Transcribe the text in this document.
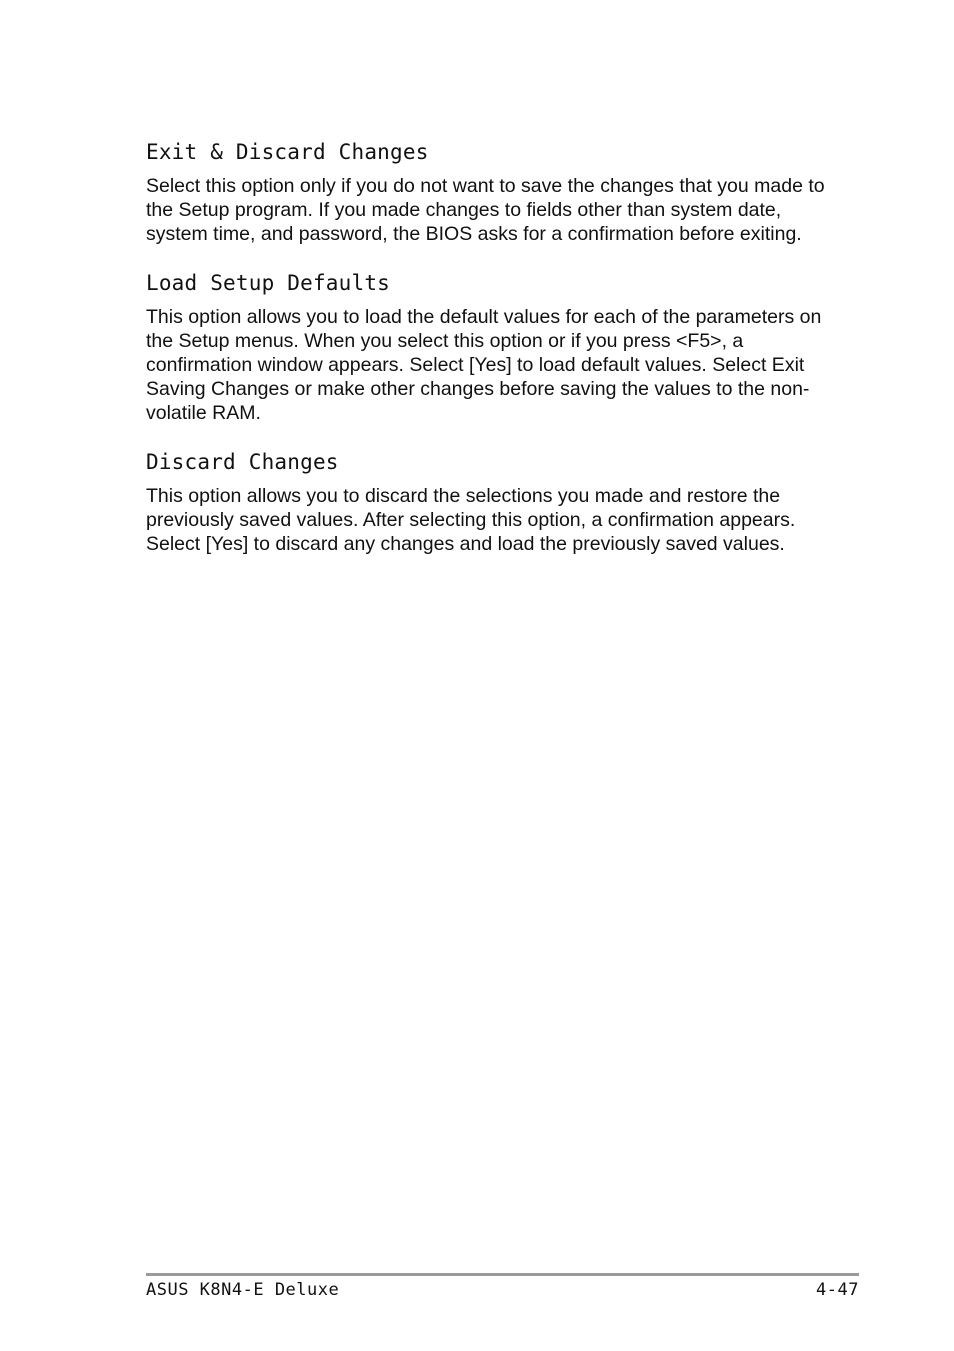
Exit & Discard Changes

Select this option only if you do not want to save the changes that you made to the Setup program. If you made changes to fields other than system date, system time, and password, the BIOS asks for a confirmation before exiting.

Load Setup Defaults

This option allows you to load the default values for each of the parameters on the Setup menus. When you select this option or if you press <F5>, a confirmation window appears. Select [Yes] to load default values. Select Exit Saving Changes or make other changes before saving the values to the non-volatile RAM.

Discard Changes

This option allows you to discard the selections you made and restore the previously saved values. After selecting this option, a confirmation appears. Select [Yes] to discard any changes and load the previously saved values.

ASUS K8N4-E Deluxe	4-47
